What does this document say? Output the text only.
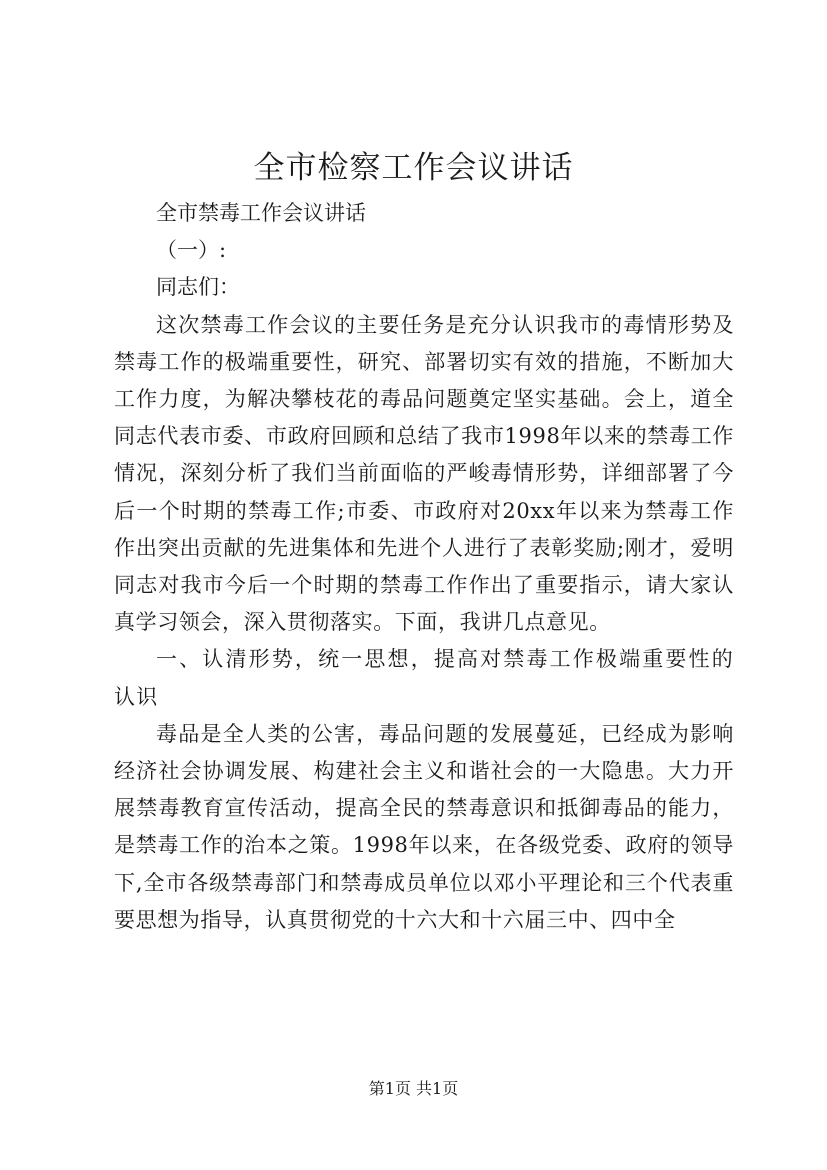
全市检察工作会议讲话

全市禁毒工作会议讲话

（一）:

同志们：

这次禁毒工作会议的主要任务是充分认识我市的毒情形势及禁毒工作的极端重要性，研究、部署切实有效的措施，不断加大工作力度，为解决攀枝花的毒品问题奠定坚实基础。会上，道全同志代表市委、市政府回顾和总结了我市1998年以来的禁毒工作情况，深刻分析了我们当前面临的严峻毒情形势，详细部署了今后一个时期的禁毒工作;市委、市政府对20xx年以来为禁毒工作作出突出贡献的先进集体和先进个人进行了表彰奖励;刚才，爱明同志对我市今后一个时期的禁毒工作作出了重要指示，请大家认真学习领会，深入贯彻落实。下面，我讲几点意见。

一、认清形势，统一思想，提高对禁毒工作极端重要性的认识

毒品是全人类的公害，毒品问题的发展蔓延，已经成为影响经济社会协调发展、构建社会主义和谐社会的一大隐患。大力开展禁毒教育宣传活动，提高全民的禁毒意识和抵御毒品的能力，是禁毒工作的治本之策。1998年以来，在各级党委、政府的领导下,全市各级禁毒部门和禁毒成员单位以邓小平理论和三个代表重要思想为指导，认真贯彻党的十六大和十六届三中、四中全

第1页 共1页
